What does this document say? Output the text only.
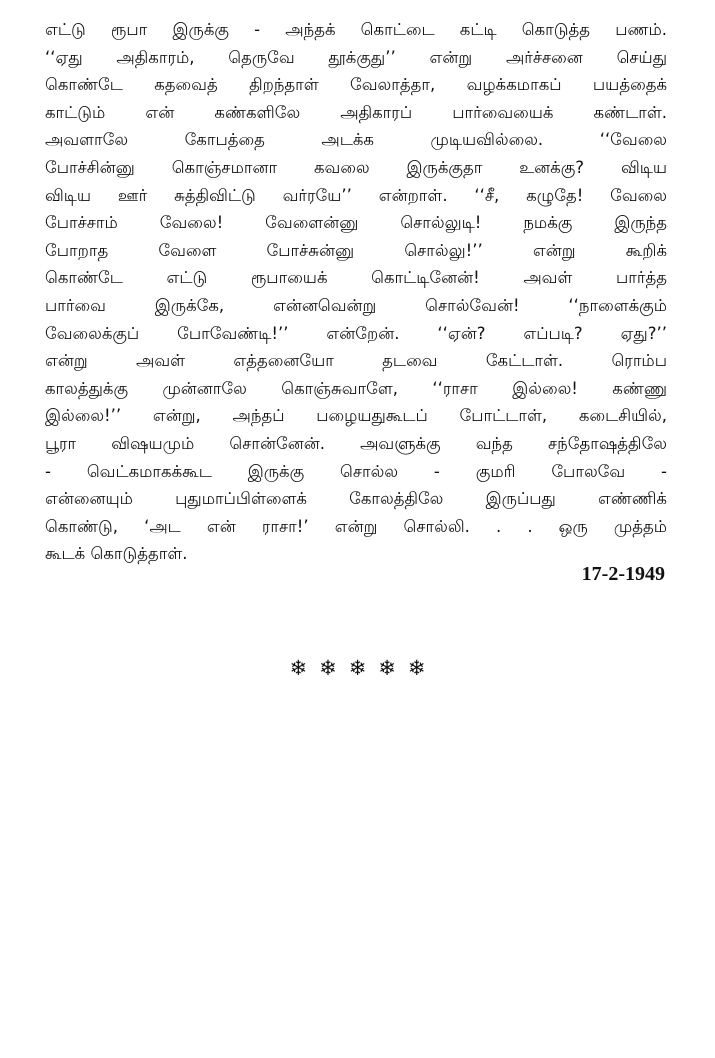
எட்டு ரூபா இருக்கு - அந்தக் கொட்டை கட்டி கொடுத்த பணம்.
‘‘ஏது அதிகாரம், தெருவே தூக்குது’’ என்று அர்ச்சனை செய்து
கொண்டே கதவைத் திறந்தாள் வேலாத்தா, வழக்கமாகப் பயத்தைக்
காட்டும் என் கண்களிலே அதிகாரப் பார்வையைக் கண்டாள்.
அவளாலே கோபத்தை அடக்க முடியவில்லை. ‘‘வேலை
போச்சின்னு கொஞ்சமானா கவலை இருக்குதா உனக்கு? விடிய
விடிய ஊர் சுத்திவிட்டு வர்ரயே’’ என்றாள். ‘‘சீ, கழுதே! வேலை
போச்சாம் வேலை! வேளைன்னு சொல்லுடி! நமக்கு இருந்த
போறாத வேளை போச்சுன்னு சொல்லு!’’ என்று கூறிக்
கொண்டே எட்டு ரூபாயைக் கொட்டினேன்! அவள் பார்த்த
பார்வை இருக்கே, என்னவென்று சொல்வேன்! ‘‘நாளைக்கும்
வேலைக்குப் போவேண்டி!’’ என்றேன். ‘‘ஏன்? எப்படி? ஏது?’’
என்று அவள் எத்தனையோ தடவை கேட்டாள். ரொம்ப
காலத்துக்கு முன்னாலே கொஞ்சுவாளே, ‘‘ராசா இல்லை! கண்ணு
இல்லை!’’ என்று, அந்தப் பழையதுகூடப் போட்டாள், கடைசியில்,
பூரா விஷயமும் சொன்னேன். அவளுக்கு வந்த சந்தோஷத்திலே
- வெட்கமாகக்கூட இருக்கு சொல்ல - குமரி போலவே -
என்னையும் புதுமாப்பிள்ளைக் கோலத்திலே இருப்பது எண்ணிக்
கொண்டு, ‘அட என் ராசா!’ என்று சொல்லி. . . ஒரு முத்தம்
கூடக் கொடுத்தாள்.
17-2-1949
❄❄❄❄❄
